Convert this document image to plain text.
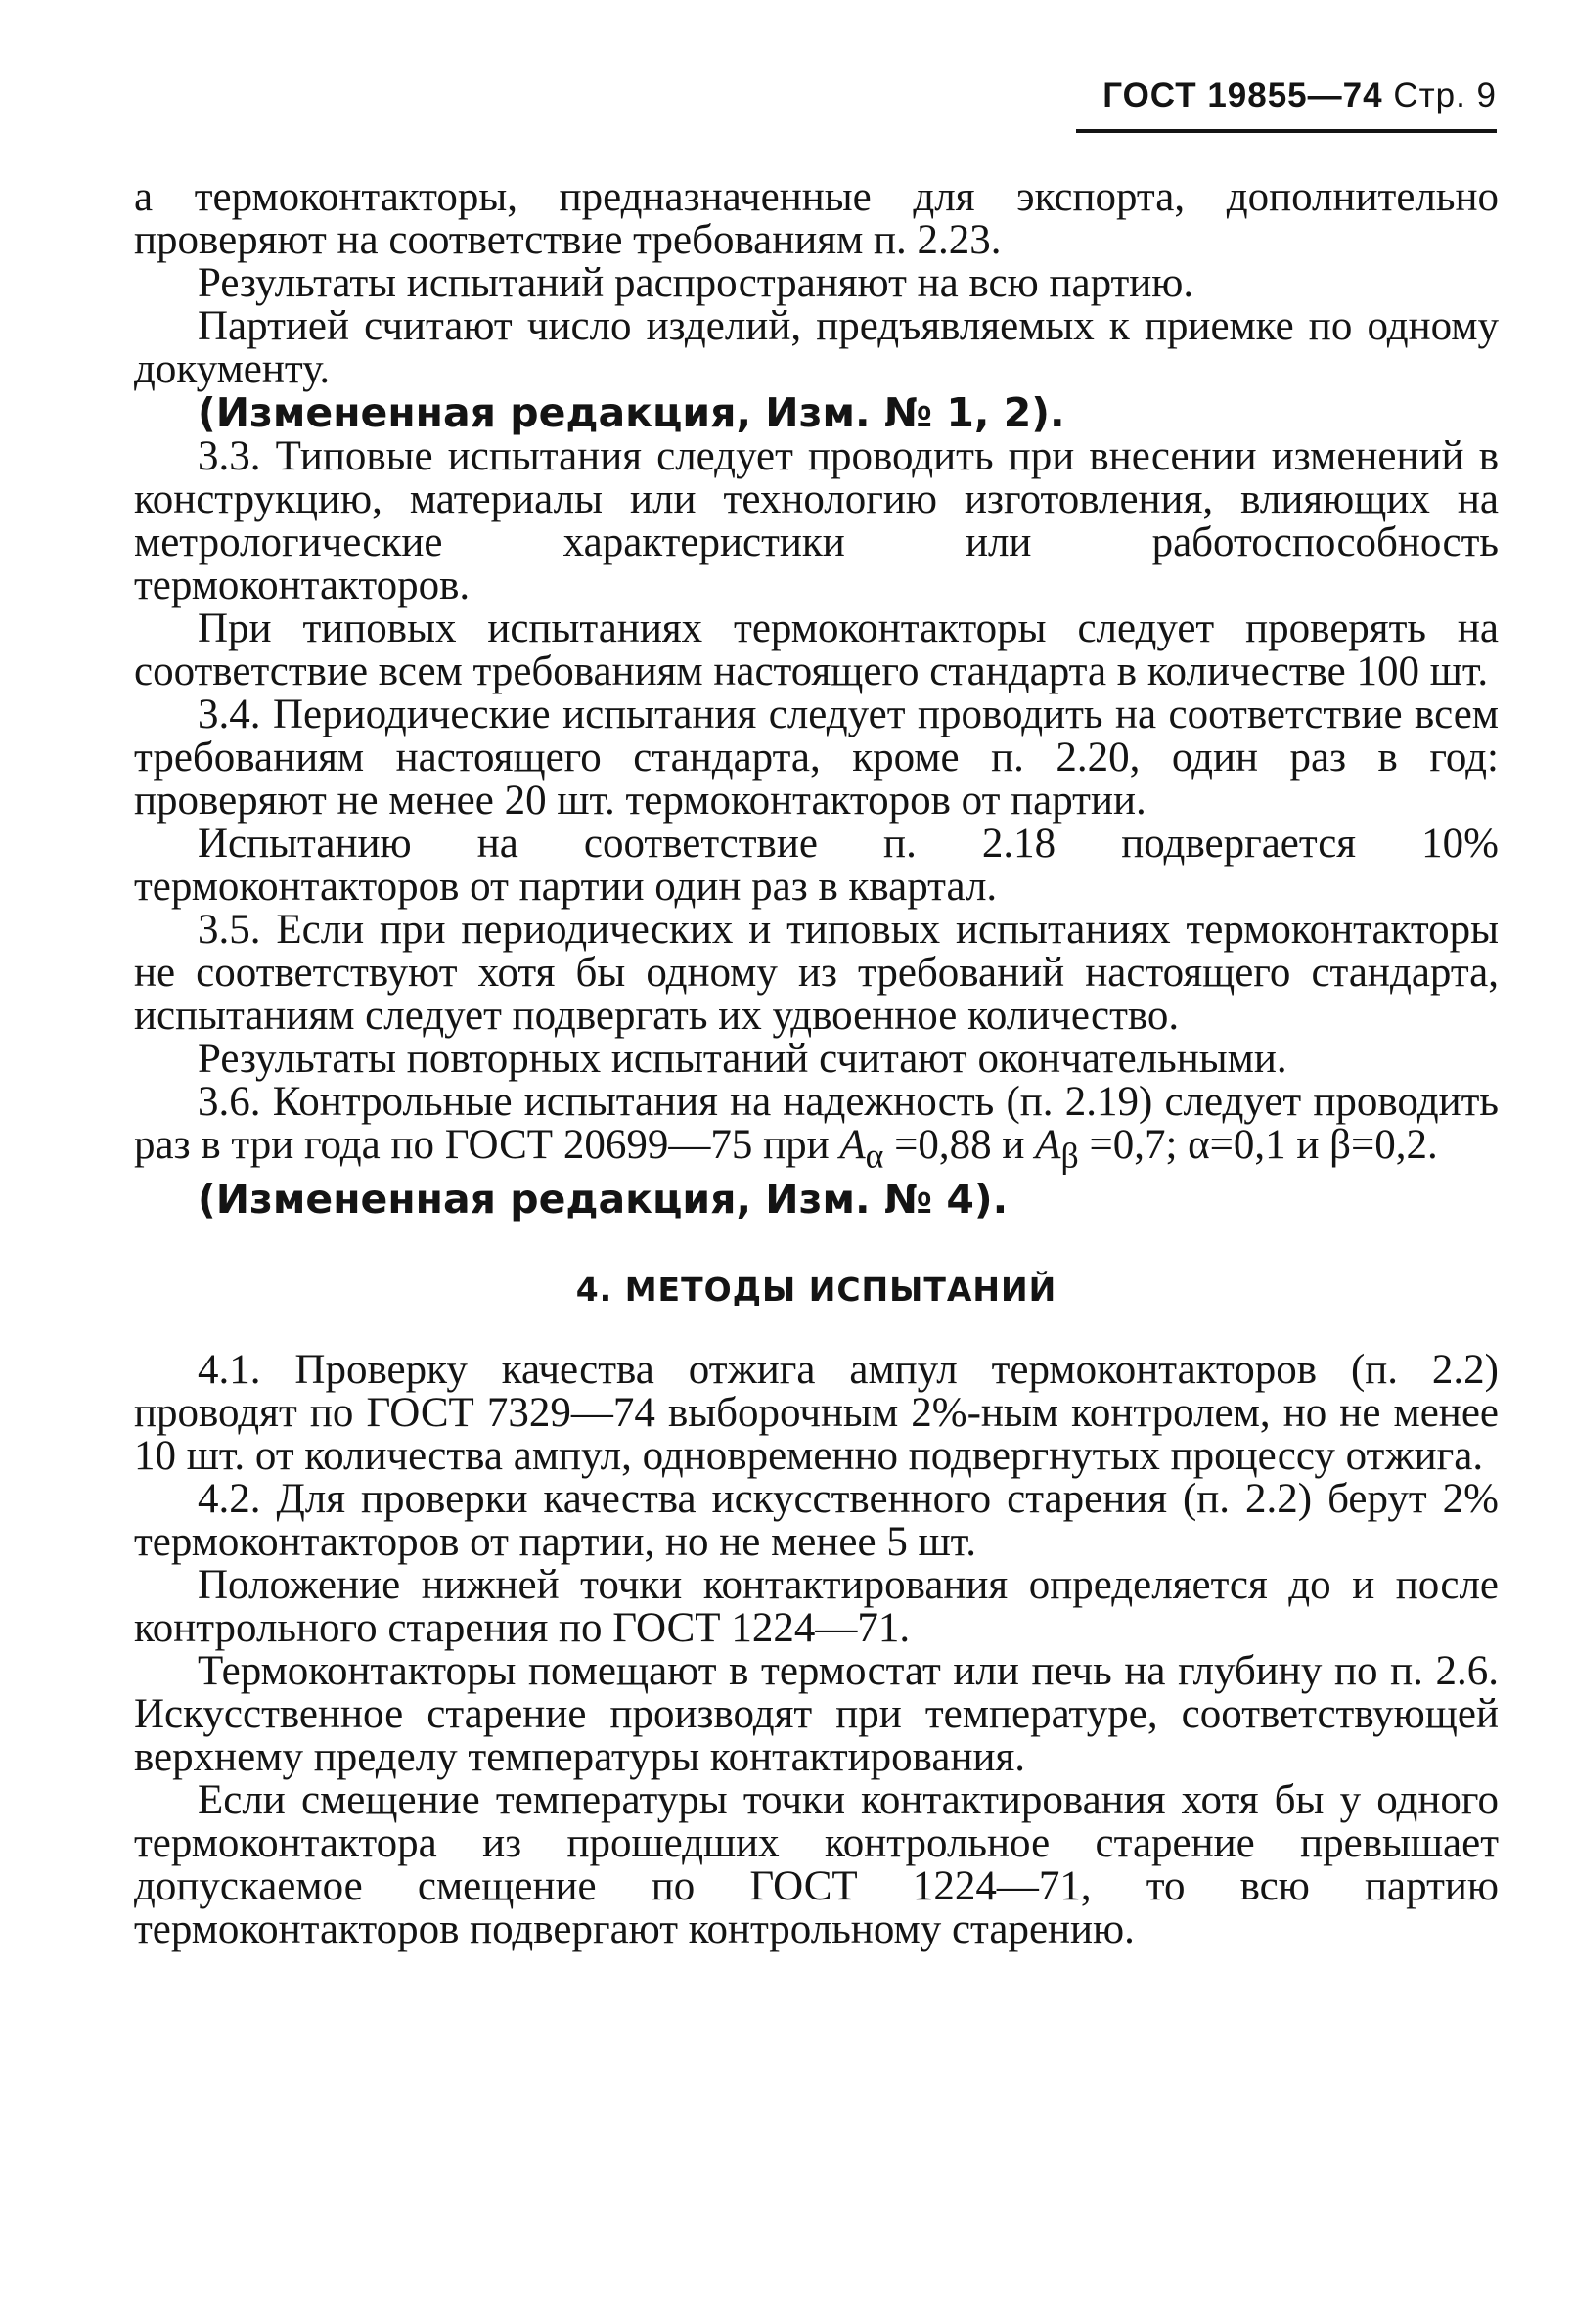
ГОСТ 19855—74 Стр. 9

а термоконтакторы, предназначенные для экспорта, дополнительно проверяют на соответствие требованиям п. 2.23.

Результаты испытаний распространяют на всю партию.

Партией считают число изделий, предъявляемых к приемке по одному документу.

(Измененная редакция, Изм. № 1, 2).

3.3. Типовые испытания следует проводить при внесении изменений в конструкцию, материалы или технологию изготовления, влияющих на метрологические характеристики или работоспособность термоконтакторов.

При типовых испытаниях термоконтакторы следует проверять на соответствие всем требованиям настоящего стандарта в количестве 100 шт.

3.4. Периодические испытания следует проводить на соответствие всем требованиям настоящего стандарта, кроме п. 2.20, один раз в год: проверяют не менее 20 шт. термоконтакторов от партии.

Испытанию на соответствие п. 2.18 подвергается 10% термоконтакторов от партии один раз в квартал.

3.5. Если при периодических и типовых испытаниях термоконтакторы не соответствуют хотя бы одному из требований настоящего стандарта, испытаниям следует подвергать их удвоенное количество.

Результаты повторных испытаний считают окончательными.

3.6. Контрольные испытания на надежность (п. 2.19) следует проводить раз в три года по ГОСТ 20699—75 при $A_\alpha =0,88$ и $A_\beta =0,7$; α=0,1 и β=0,2.

(Измененная редакция, Изм. № 4).

4. МЕТОДЫ ИСПЫТАНИЙ

4.1. Проверку качества отжига ампул термоконтакторов (п. 2.2) проводят по ГОСТ 7329—74 выборочным 2%-ным контролем, но не менее 10 шт. от количества ампул, одновременно подвергнутых процессу отжига.

4.2. Для проверки качества искусственного старения (п. 2.2) берут 2% термоконтакторов от партии, но не менее 5 шт.

Положение нижней точки контактирования определяется до и после контрольного старения по ГОСТ 1224—71.

Термоконтакторы помещают в термостат или печь на глубину по п. 2.6. Искусственное старение производят при температуре, соответствующей верхнему пределу температуры контактирования.

Если смещение температуры точки контактирования хотя бы у одного термоконтактора из прошедших контрольное старение превышает допускаемое смещение по ГОСТ 1224—71, то всю партию термоконтакторов подвергают контрольному старению.
